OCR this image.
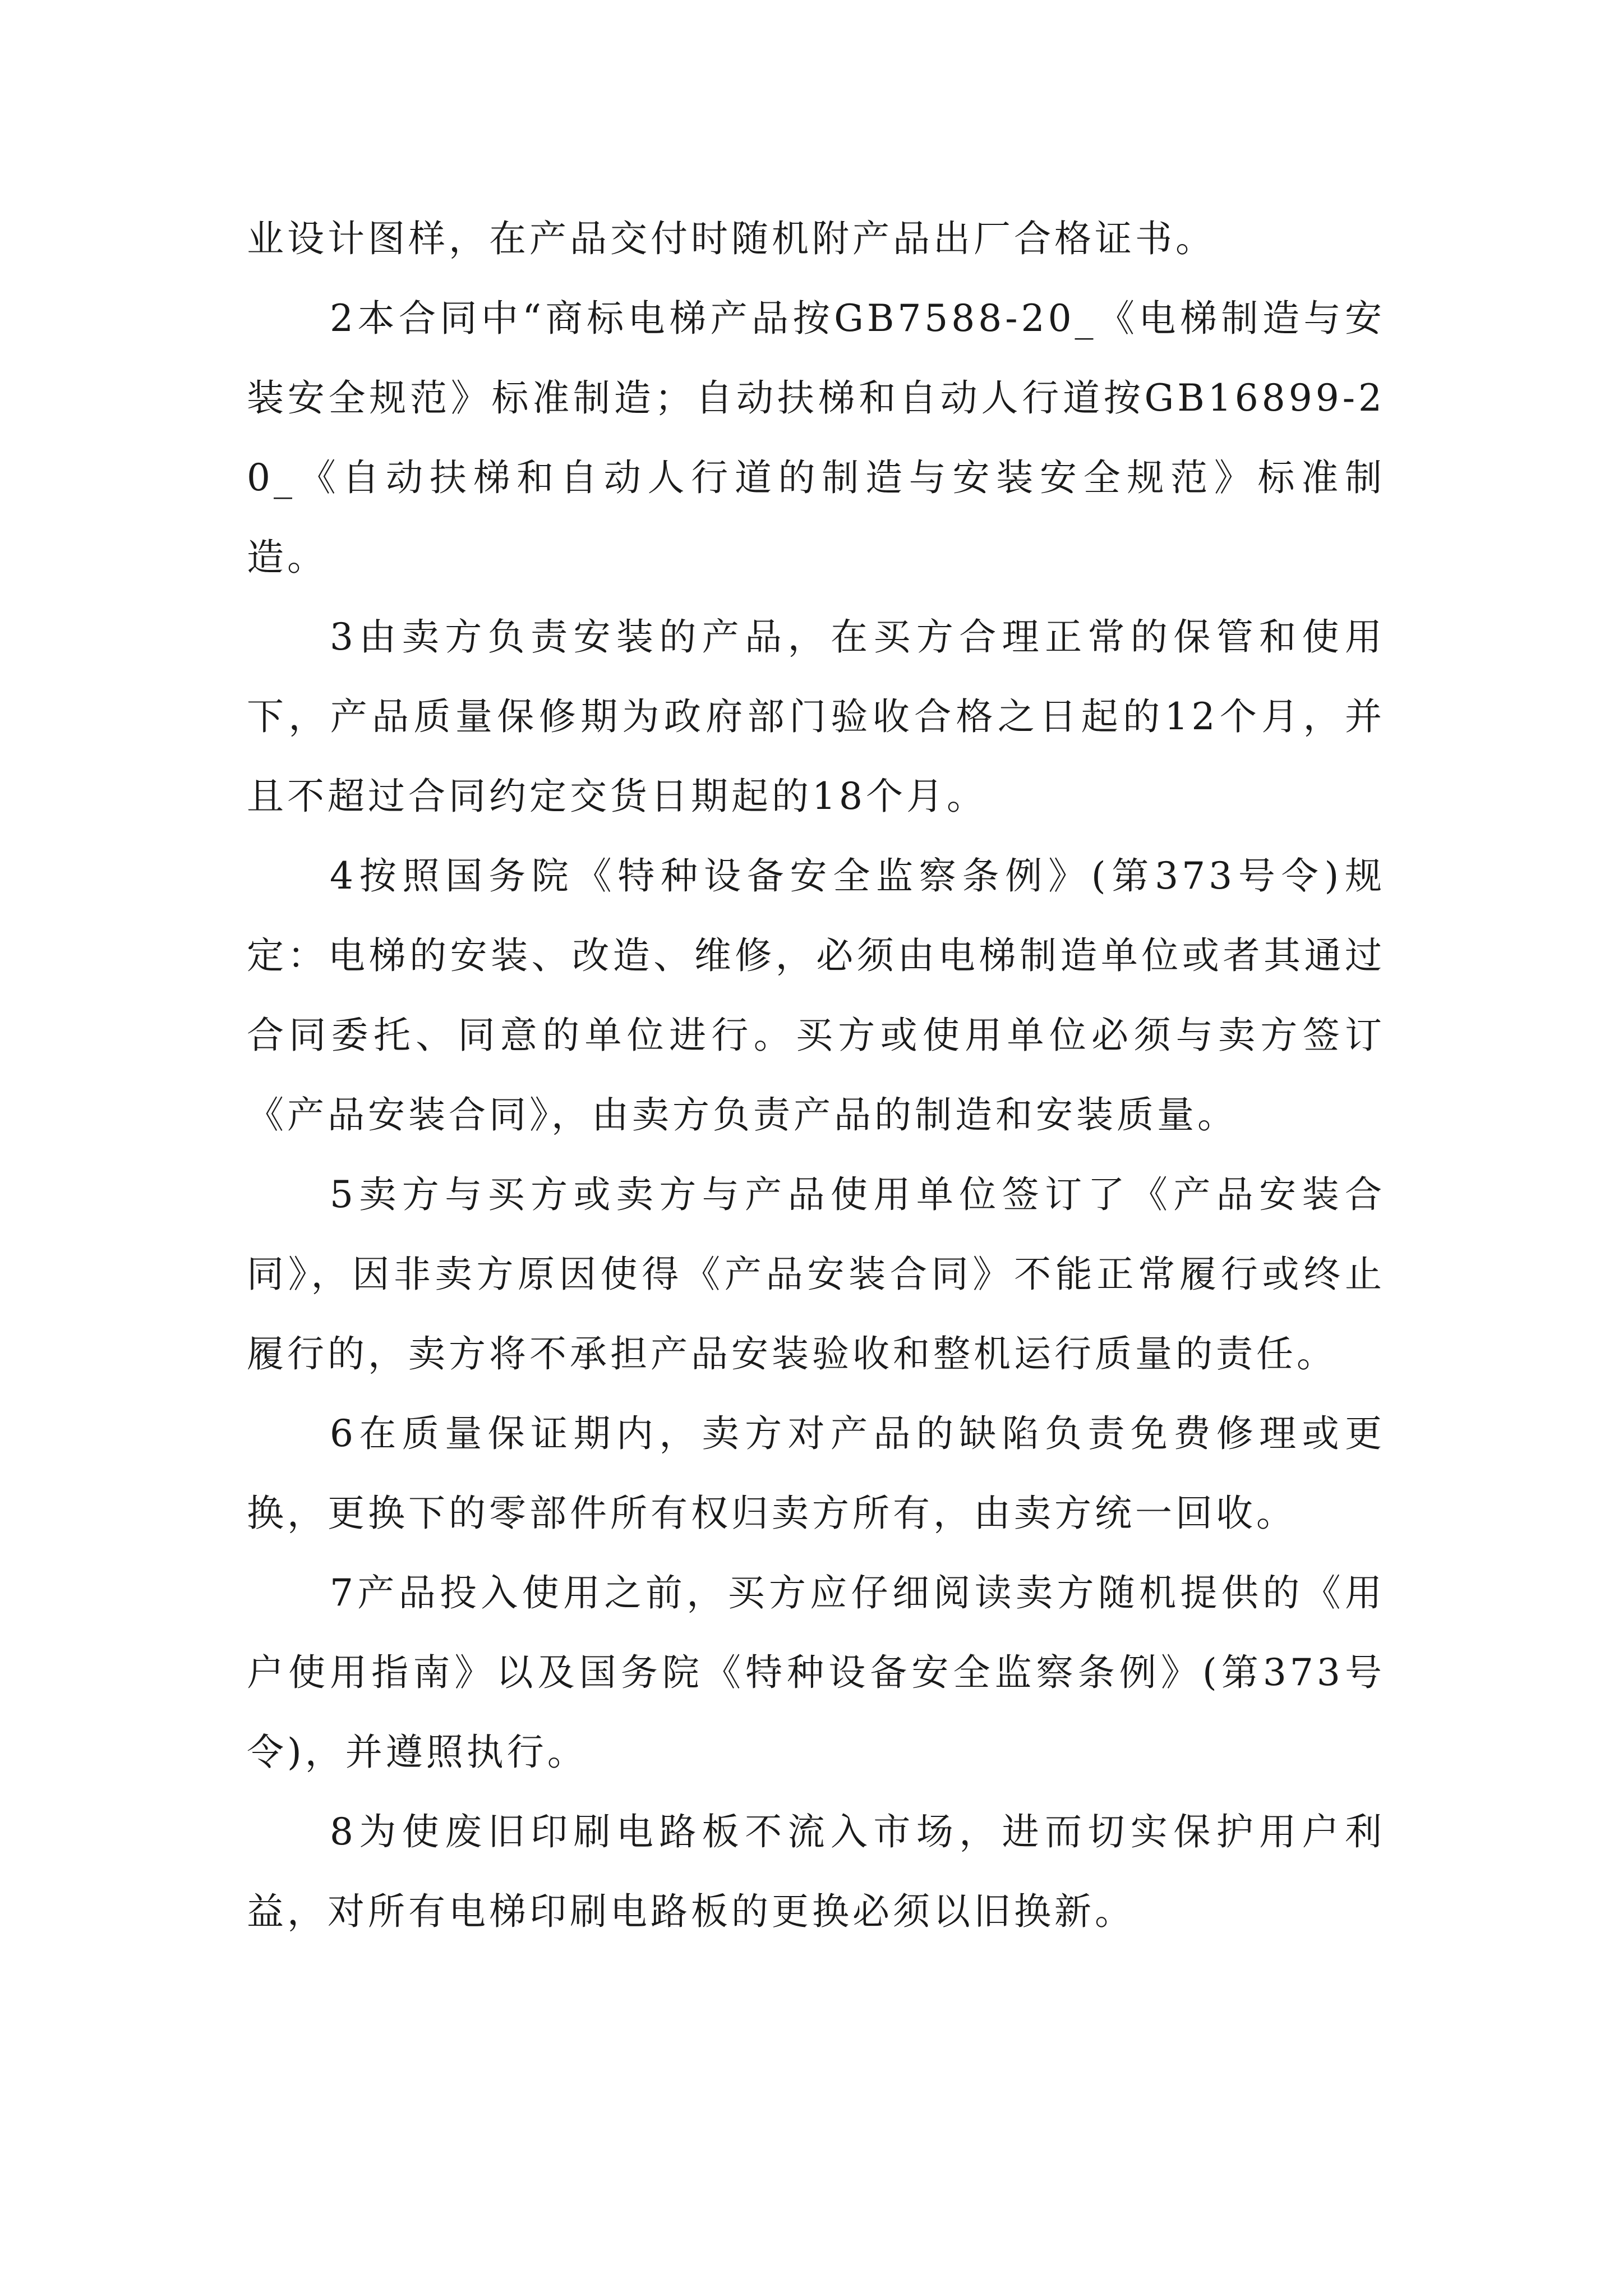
业设计图样，在产品交付时随机附产品出厂合格证书。

2本合同中“商标电梯产品按GB7588-20_《电梯制造与安装安全规范》标准制造；自动扶梯和自动人行道按GB16899-20_《自动扶梯和自动人行道的制造与安装安全规范》标准制造。

3由卖方负责安装的产品，在买方合理正常的保管和使用下，产品质量保修期为政府部门验收合格之日起的12个月，并且不超过合同约定交货日期起的18个月。

4按照国务院《特种设备安全监察条例》(第373号令)规定：电梯的安装、改造、维修，必须由电梯制造单位或者其通过合同委托、同意的单位进行。买方或使用单位必须与卖方签订《产品安装合同》，由卖方负责产品的制造和安装质量。

5卖方与买方或卖方与产品使用单位签订了《产品安装合同》，因非卖方原因使得《产品安装合同》不能正常履行或终止履行的，卖方将不承担产品安装验收和整机运行质量的责任。

6在质量保证期内，卖方对产品的缺陷负责免费修理或更换，更换下的零部件所有权归卖方所有，由卖方统一回收。

7产品投入使用之前，买方应仔细阅读卖方随机提供的《用户使用指南》以及国务院《特种设备安全监察条例》(第373号令)，并遵照执行。

8为使废旧印刷电路板不流入市场，进而切实保护用户利益，对所有电梯印刷电路板的更换必须以旧换新。
